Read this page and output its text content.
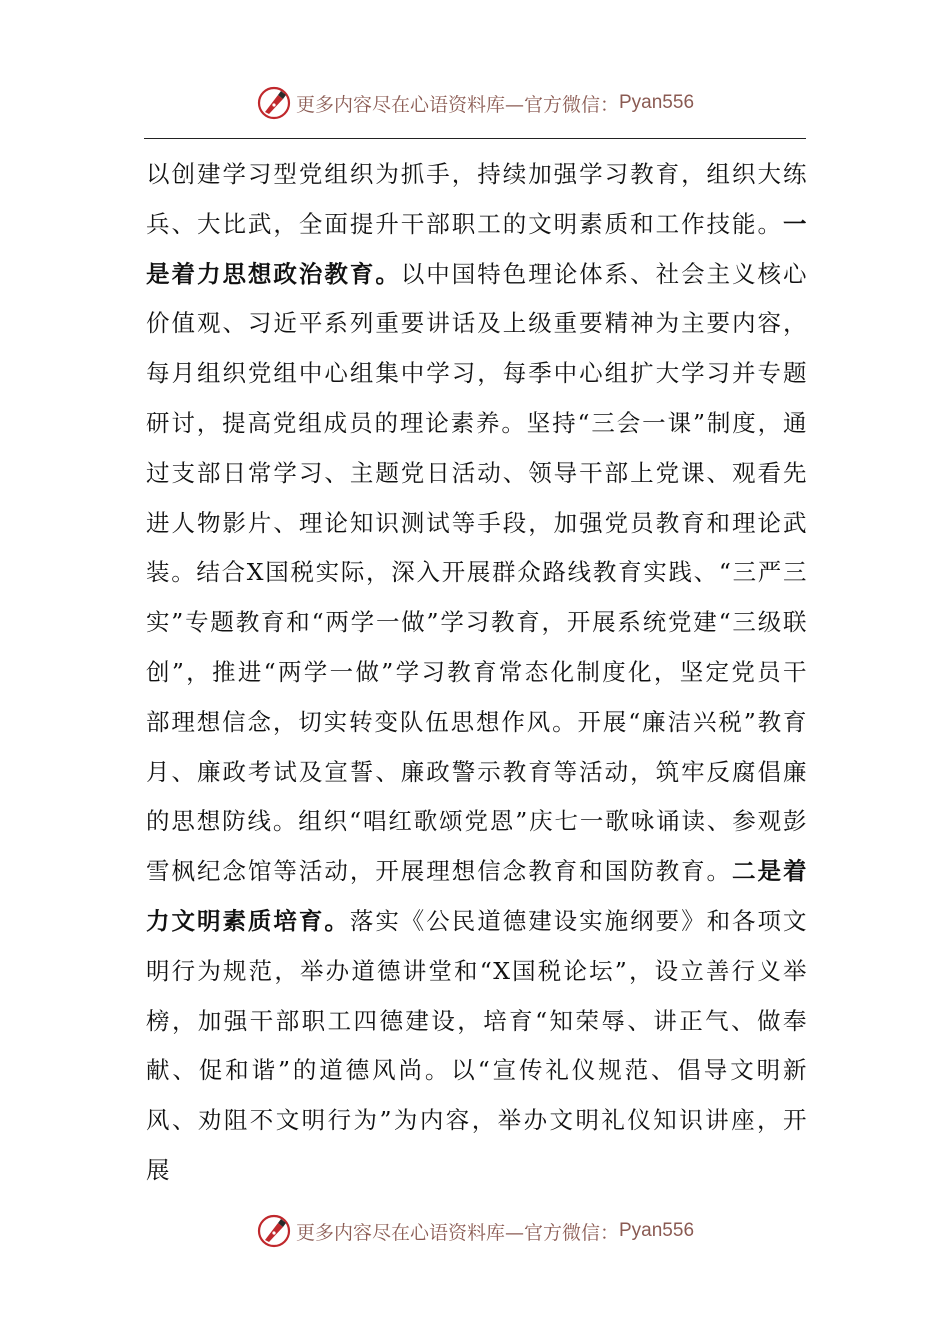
更多内容尽在心语资料库—官方微信： Pyan556
以创建学习型党组织为抓手，持续加强学习教育，组织大练兵、大比武，全面提升干部职工的文明素质和工作技能。一是着力思想政治教育。以中国特色理论体系、社会主义核心价值观、习近平系列重要讲话及上级重要精神为主要内容，每月组织党组中心组集中学习，每季中心组扩大学习并专题研讨，提高党组成员的理论素养。坚持“三会一课”制度，通过支部日常学习、主题党日活动、领导干部上党课、观看先进人物影片、理论知识测试等手段，加强党员教育和理论武装。结合X国税实际，深入开展群众路线教育实践、“三严三实”专题教育和“两学一做”学习教育，开展系统党建“三级联创”，推进“两学一做”学习教育常态化制度化，坚定党员干部理想信念，切实转变队伍思想作风。开展“廉洁兴税”教育月、廉政考试及宣誓、廉政警示教育等活动，筑牢反腐倡廉的思想防线。组织“唱红歌颂党恩”庆七一歌咏诵读、参观彭雪枫纪念馆等活动，开展理想信念教育和国防教育。二是着力文明素质培育。落实《公民道德建设实施纲要》和各项文明行为规范，举办道德讲堂和“X国税论坛”，设立善行义举榜，加强干部职工四德建设，培育“知荣辱、讲正气、做奉献、促和谐”的道德风尚。以“宣传礼仪规范、倡导文明新风、劝阻不文明行为”为内容，举办文明礼仪知识讲座，开展
更多内容尽在心语资料库—官方微信： Pyan556
